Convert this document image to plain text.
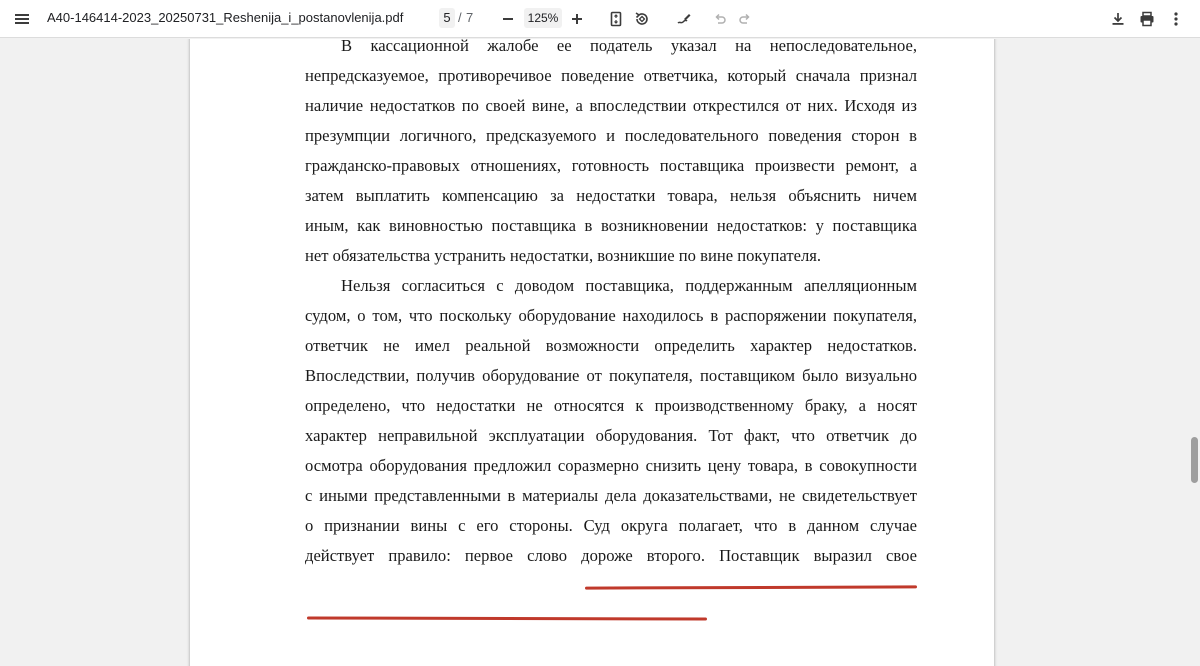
A40-146414-2023_20250731_Reshenija_i_postanovlenija.pdf	5 / 7	125%
В кассационной жалобе ее податель указал на непоследовательное,
непредсказуемое, противоречивое поведение ответчика, который сначала признал
наличие недостатков по своей вине, а впоследствии открестился от них. Исходя из
презумпции логичного, предсказуемого и последовательного поведения сторон в
гражданско-правовых отношениях, готовность поставщика произвести ремонт, а
затем выплатить компенсацию за недостатки товара, нельзя объяснить ничем
иным, как виновностью поставщика в возникновении недостатков: у поставщика
нет обязательства устранить недостатки, возникшие по вине покупателя.
Нельзя согласиться с доводом поставщика, поддержанным апелляционным
судом, о том, что поскольку оборудование находилось в распоряжении покупателя,
ответчик не имел реальной возможности определить характер недостатков.
Впоследствии, получив оборудование от покупателя, поставщиком было визуально
определено, что недостатки не относятся к производственному браку, а носят
характер неправильной эксплуатации оборудования. Тот факт, что ответчик до
осмотра оборудования предложил соразмерно снизить цену товара, в совокупности
с иными представленными в материалы дела доказательствами, не свидетельствует
о признании вины с его стороны. Суд округа полагает, что в данном случае
действует правило: первое слово дороже второго. Поставщик выразил свое
